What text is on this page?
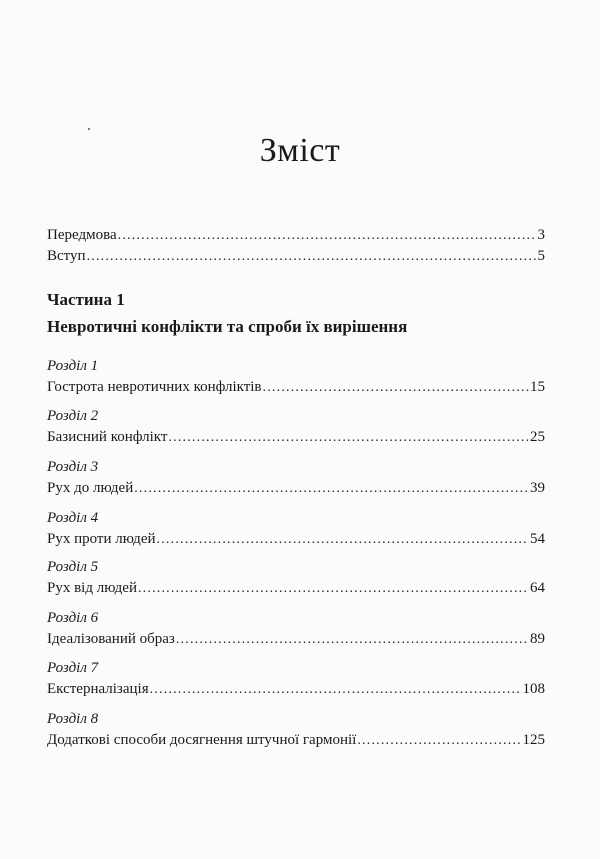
Зміст
Передмова .....	3
Вступ .....	5
Частина 1
Невротичні конфлікти та спроби їх вирішення
Розділ 1
Гострота невротичних конфліктів .....	15
Розділ 2
Базисний конфлікт .....	25
Розділ 3
Рух до людей .....	39
Розділ 4
Рух проти людей .....	54
Розділ 5
Рух від людей .....	64
Розділ 6
Ідеалізований образ .....	89
Розділ 7
Екстерналізація .....	108
Розділ 8
Додаткові способи досягнення штучної гармонії .....	125
